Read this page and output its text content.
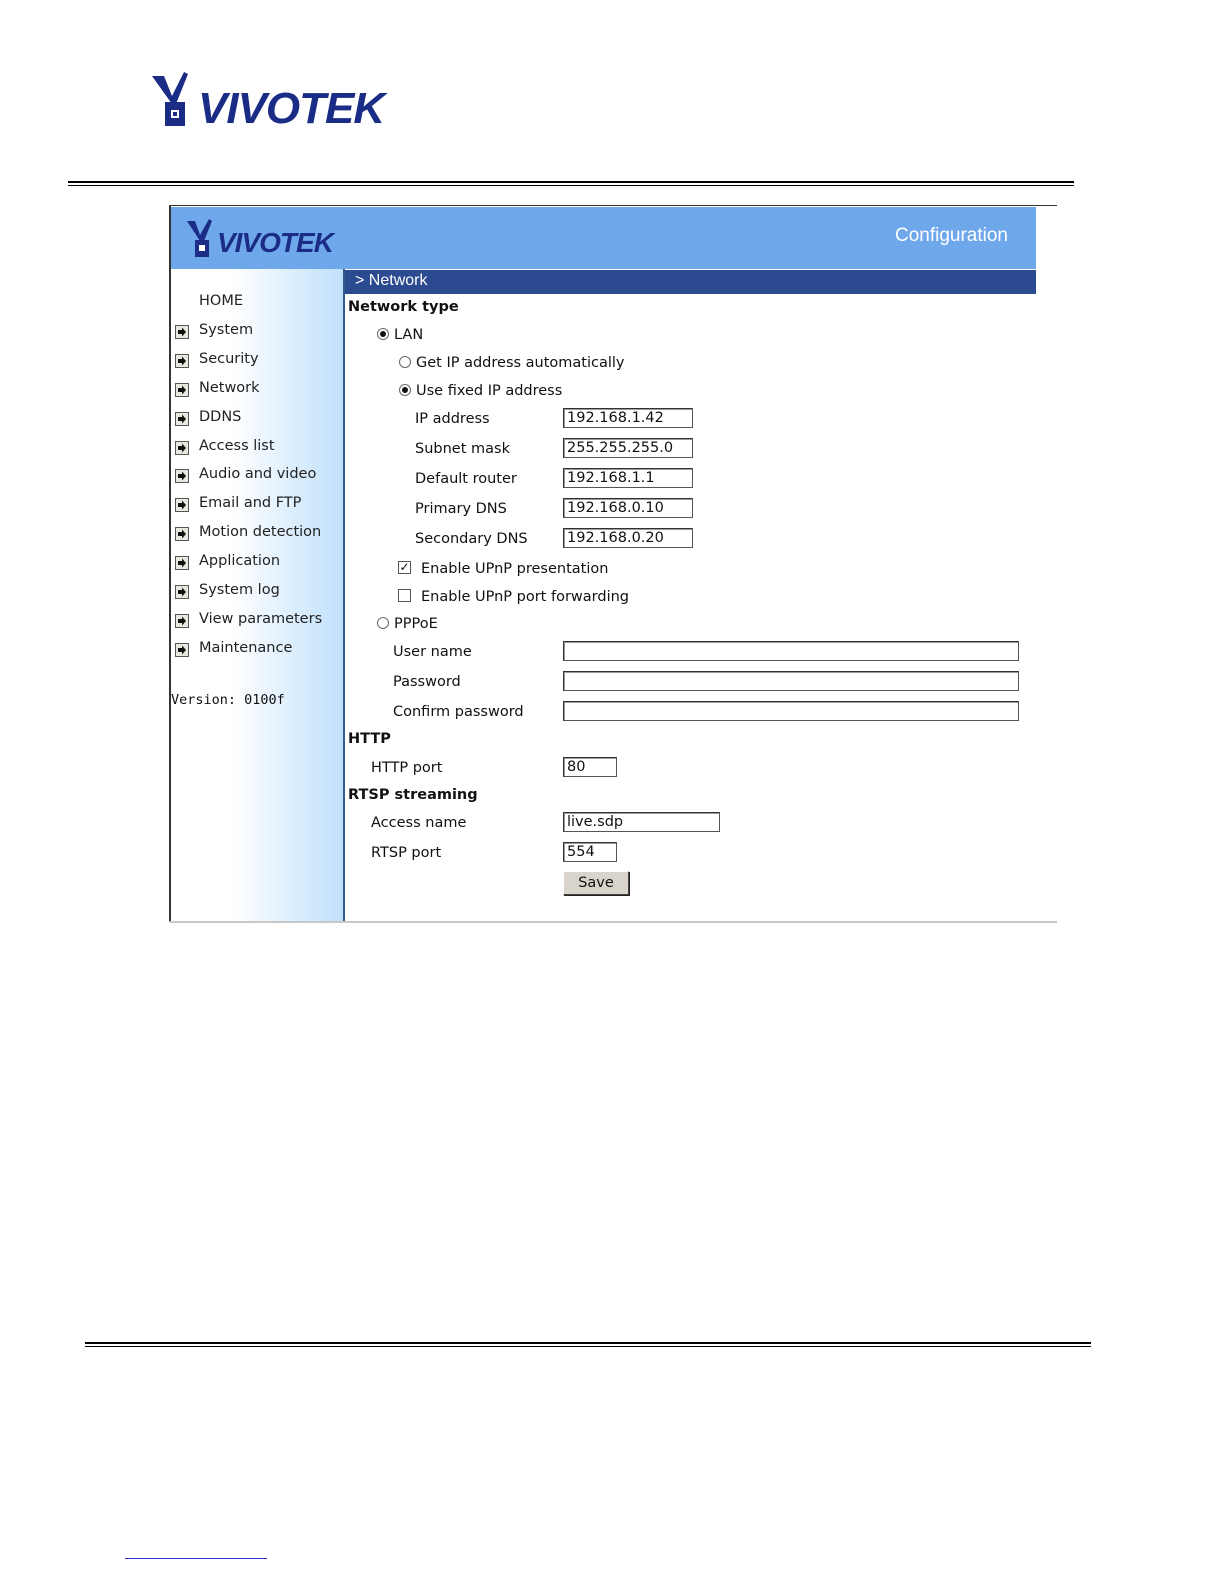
VIVOTEK
VIVOTEK	Configuration
HOME
System
Security
Network
DDNS
Access list
Audio and video
Email and FTP
Motion detection
Application
System log
View parameters
Maintenance
Version: 0100f
> Network
Network type
LAN
Get IP address automatically
Use fixed IP address
IP address	192.168.1.42
Subnet mask	255.255.255.0
Default router	192.168.1.1
Primary DNS	192.168.0.10
Secondary DNS	192.168.0.20
✓ Enable UPnP presentation
Enable UPnP port forwarding
PPPoE
User name
Password
Confirm password
HTTP
HTTP port	80
RTSP streaming
Access name	live.sdp
RTSP port	554
Save
